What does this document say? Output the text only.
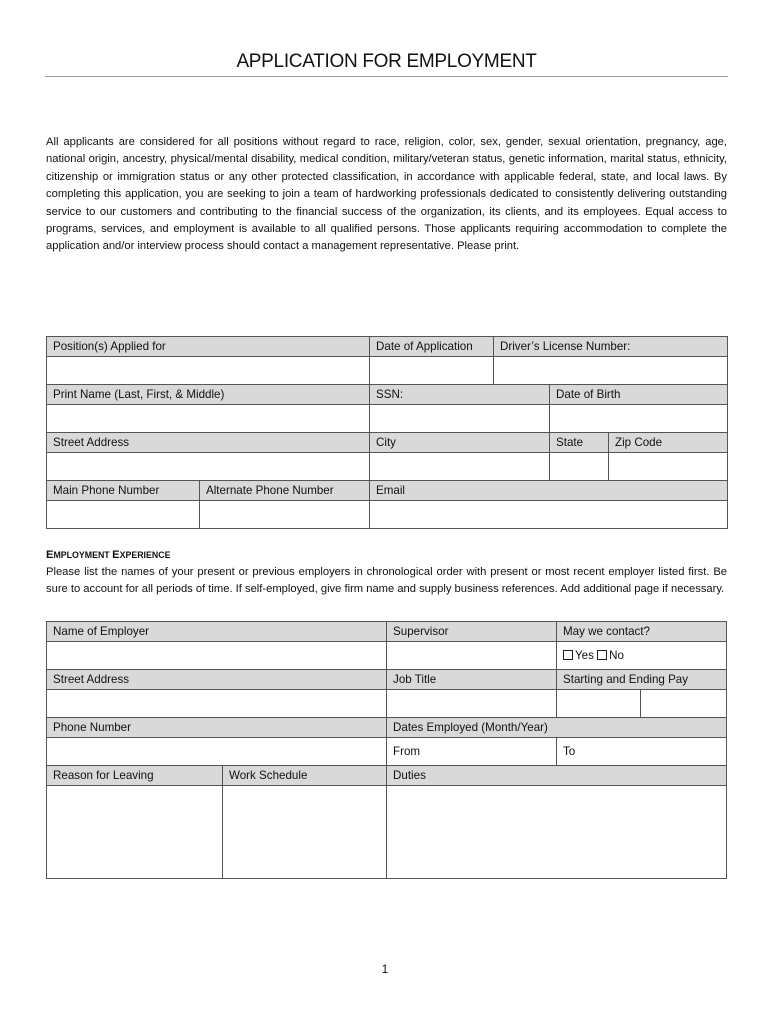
APPLICATION FOR EMPLOYMENT
All applicants are considered for all positions without regard to race, religion, color, sex, gender, sexual orientation, pregnancy, age, national origin, ancestry, physical/mental disability, medical condition, military/veteran status, genetic information, marital status, ethnicity, citizenship or immigration status or any other protected classification, in accordance with applicable federal, state, and local laws. By completing this application, you are seeking to join a team of hardworking professionals dedicated to consistently delivering outstanding service to our customers and contributing to the financial success of the organization, its clients, and its employees. Equal access to programs, services, and employment is available to all qualified persons. Those applicants requiring accommodation to complete the application and/or interview process should contact a management representative. Please print.
Position(s) Applied for		Date of Application	Driver’s License Number:		

Print Name (Last, First, & Middle)		SSN:		Date of Birth	

Street Address		City		State	Zip Code

Main Phone Number	Alternate Phone Number	Email			

EMPLOYMENT EXPERIENCE
Please list the names of your present or previous employers in chronological order with present or most recent employer listed first. Be sure to account for all periods of time. If self-employed, give firm name and supply business references. Add additional page if necessary.
Name of Employer		Supervisor	May we contact?	
			Yes No	
Street Address		Job Title	Starting and Ending Pay	

Phone Number		Dates Employed (Month/Year)		
		From	To	
Reason for Leaving	Work Schedule	Duties		

1
